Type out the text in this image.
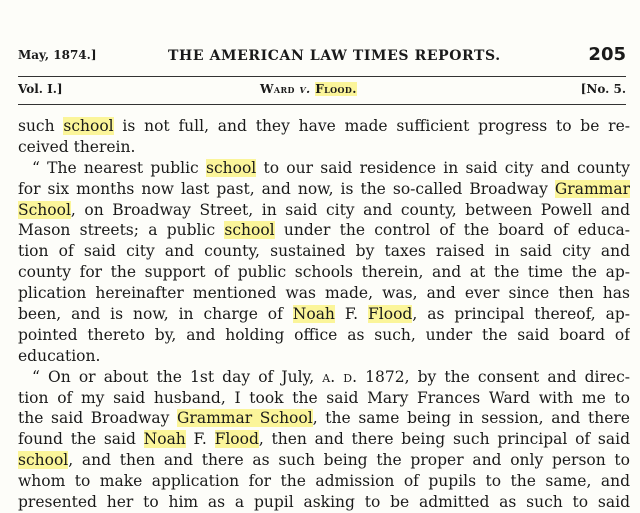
May, 1874.]	THE AMERICAN LAW TIMES REPORTS.	205
Vol. I.]	Ward v. Flood.	[No. 5.
such school is not full, and they have made sufficient progress to be re-
ceived therein.
“ The nearest public school to our said residence in said city and county
for six months now last past, and now, is the so-called Broadway Grammar
School, on Broadway Street, in said city and county, between Powell and
Mason streets; a public school under the control of the board of educa-
tion of said city and county, sustained by taxes raised in said city and
county for the support of public schools therein, and at the time the ap-
plication hereinafter mentioned was made, was, and ever since then has
been, and is now, in charge of Noah F. Flood, as principal thereof, ap-
pointed thereto by, and holding office as such, under the said board of
education.
“ On or about the 1st day of July, a. d. 1872, by the consent and direc-
tion of my said husband, I took the said Mary Frances Ward with me to
the said Broadway Grammar School, the same being in session, and there
found the said Noah F. Flood, then and there being such principal of said
school, and then and there as such being the proper and only person to
whom to make application for the admission of pupils to the same, and
presented her to him as a pupil asking to be admitted as such to said
